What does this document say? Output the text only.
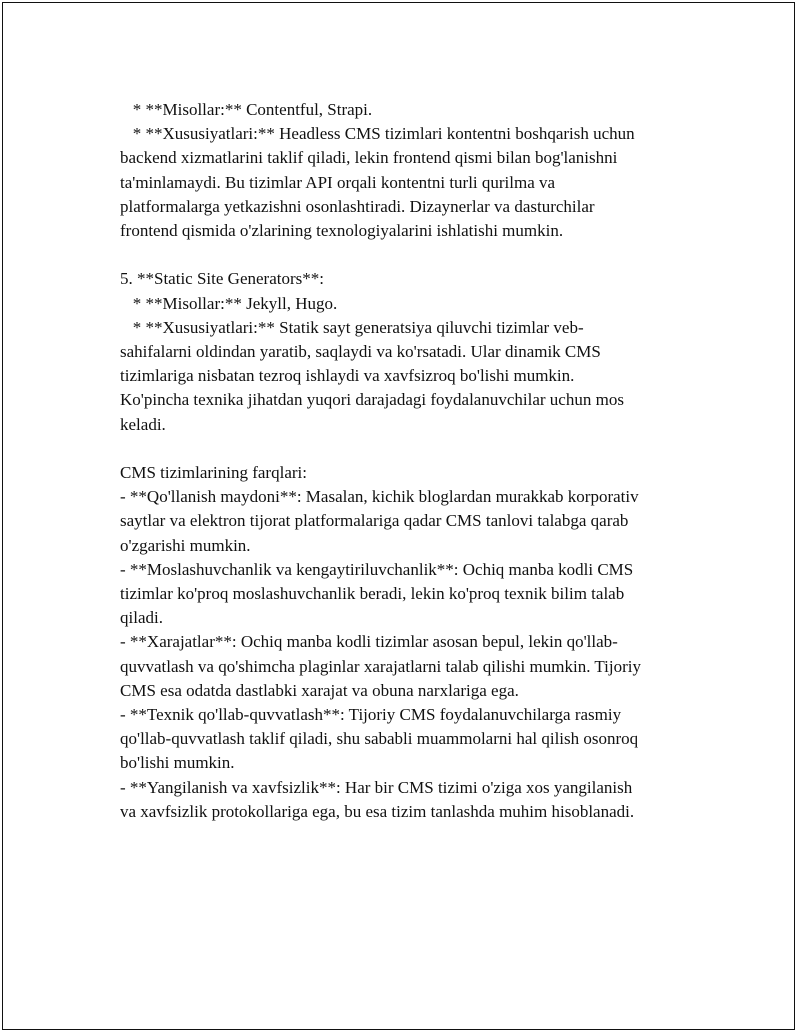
* **Misollar:** Contentful, Strapi.
* **Xususiyatlari:** Headless CMS tizimlari kontentni boshqarish uchun
backend xizmatlarini taklif qiladi, lekin frontend qismi bilan bog'lanishni
ta'minlamaydi. Bu tizimlar API orqali kontentni turli qurilma va
platformalarga yetkazishni osonlashtiradi. Dizaynerlar va dasturchilar
frontend qismida o'zlarining texnologiyalarini ishlatishi mumkin.
5. **Static Site Generators**:
* **Misollar:** Jekyll, Hugo.
* **Xususiyatlari:** Statik sayt generatsiya qiluvchi tizimlar veb-
sahifalarni oldindan yaratib, saqlaydi va ko'rsatadi. Ular dinamik CMS
tizimlariga nisbatan tezroq ishlaydi va xavfsizroq bo'lishi mumkin.
Ko'pincha texnika jihatdan yuqori darajadagi foydalanuvchilar uchun mos
keladi.
CMS tizimlarining farqlari:
- **Qo'llanish maydoni**: Masalan, kichik bloglardan murakkab korporativ
saytlar va elektron tijorat platformalariga qadar CMS tanlovi talabga qarab
o'zgarishi mumkin.
- **Moslashuvchanlik va kengaytiriluvchanlik**: Ochiq manba kodli CMS
tizimlar ko'proq moslashuvchanlik beradi, lekin ko'proq texnik bilim talab
qiladi.
- **Xarajatlar**: Ochiq manba kodli tizimlar asosan bepul, lekin qo'llab-
quvvatlash va qo'shimcha plaginlar xarajatlarni talab qilishi mumkin. Tijoriy
CMS esa odatda dastlabki xarajat va obuna narxlariga ega.
- **Texnik qo'llab-quvvatlash**: Tijoriy CMS foydalanuvchilarga rasmiy
qo'llab-quvvatlash taklif qiladi, shu sababli muammolarni hal qilish osonroq
bo'lishi mumkin.
- **Yangilanish va xavfsizlik**: Har bir CMS tizimi o'ziga xos yangilanish
va xavfsizlik protokollariga ega, bu esa tizim tanlashda muhim hisoblanadi.
